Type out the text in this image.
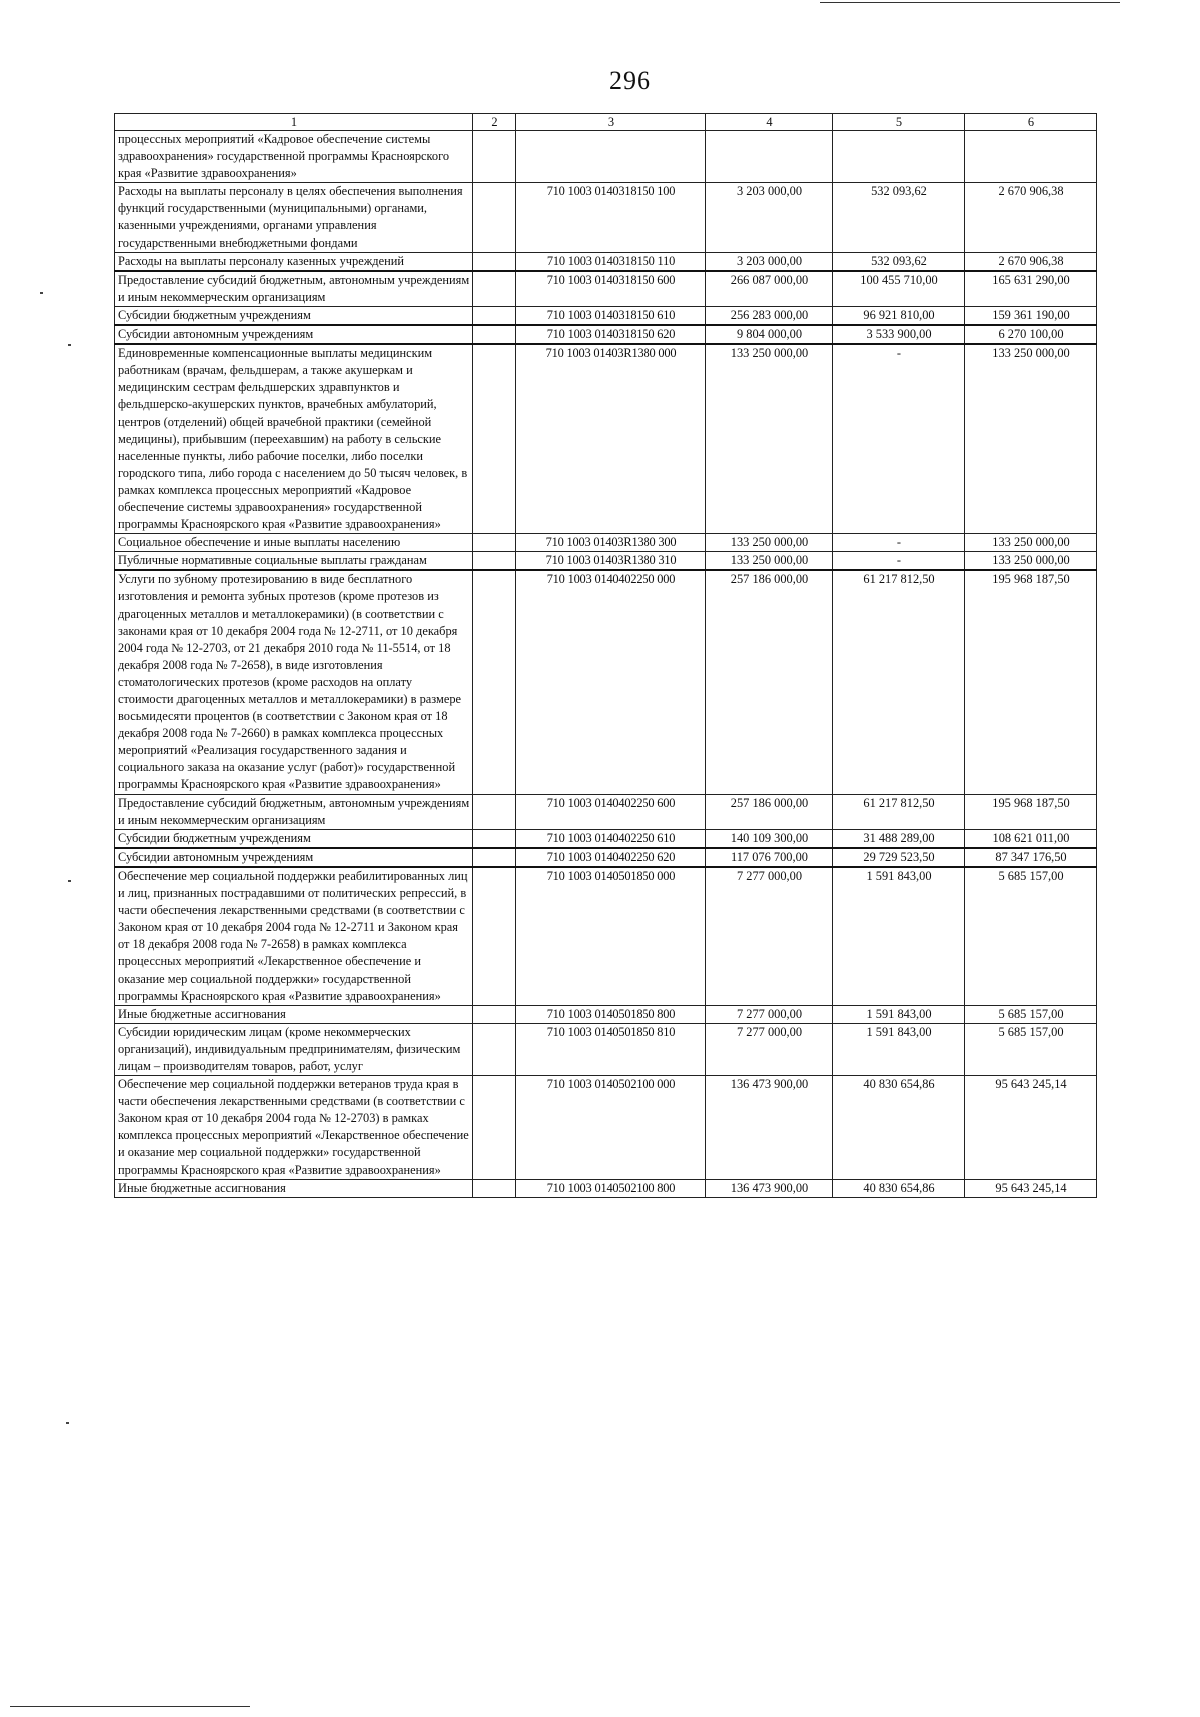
296
1	2	3	4	5	6
процессных мероприятий «Кадровое обеспечение системы здравоохранения» государственной программы Красноярского края «Развитие здравоохранения»					
Расходы на выплаты персоналу в целях обеспечения выполнения функций государственными (муниципальными) органами, казенными учреждениями, органами управления государственными внебюджетными фондами		710 1003 0140318150 100	3 203 000,00	532 093,62	2 670 906,38
Расходы на выплаты персоналу казенных учреждений		710 1003 0140318150 110	3 203 000,00	532 093,62	2 670 906,38
Предоставление субсидий бюджетным, автономным учреждениям и иным некоммерческим организациям		710 1003 0140318150 600	266 087 000,00	100 455 710,00	165 631 290,00
Субсидии бюджетным учреждениям		710 1003 0140318150 610	256 283 000,00	96 921 810,00	159 361 190,00
Субсидии автономным учреждениям		710 1003 0140318150 620	9 804 000,00	3 533 900,00	6 270 100,00
Единовременные компенсационные выплаты медицинским работникам (врачам, фельдшерам, а также акушеркам и медицинским сестрам фельдшерских здравпунктов и фельдшерско-акушерских пунктов, врачебных амбулаторий, центров (отделений) общей врачебной практики (семейной медицины), прибывшим (переехавшим) на работу в сельские населенные пункты, либо рабочие поселки, либо поселки городского типа, либо города с населением до 50 тысяч человек, в рамках комплекса процессных мероприятий «Кадровое обеспечение системы здравоохранения» государственной программы Красноярского края «Развитие здравоохранения»		710 1003 01403R1380 000	133 250 000,00	-	133 250 000,00
Социальное обеспечение и иные выплаты населению		710 1003 01403R1380 300	133 250 000,00	-	133 250 000,00
Публичные нормативные социальные выплаты гражданам		710 1003 01403R1380 310	133 250 000,00	-	133 250 000,00
Услуги по зубному протезированию в виде бесплатного изготовления и ремонта зубных протезов (кроме протезов из драгоценных металлов и металлокерамики) (в соответствии с законами края от 10 декабря 2004 года № 12-2711, от 10 декабря 2004 года № 12-2703, от 21 декабря 2010 года № 11-5514, от 18 декабря 2008 года № 7-2658), в виде изготовления стоматологических протезов (кроме расходов на оплату стоимости драгоценных металлов и металлокерамики) в размере восьмидесяти процентов (в соответствии с Законом края от 18 декабря 2008 года № 7-2660) в рамках комплекса процессных мероприятий «Реализация государственного задания и социального заказа на оказание услуг (работ)» государственной программы Красноярского края «Развитие здравоохранения»		710 1003 0140402250 000	257 186 000,00	61 217 812,50	195 968 187,50
Предоставление субсидий бюджетным, автономным учреждениям и иным некоммерческим организациям		710 1003 0140402250 600	257 186 000,00	61 217 812,50	195 968 187,50
Субсидии бюджетным учреждениям		710 1003 0140402250 610	140 109 300,00	31 488 289,00	108 621 011,00
Субсидии автономным учреждениям		710 1003 0140402250 620	117 076 700,00	29 729 523,50	87 347 176,50
Обеспечение мер социальной поддержки реабилитированных лиц и лиц, признанных пострадавшими от политических репрессий, в части обеспечения лекарственными средствами (в соответствии с Законом края от 10 декабря 2004 года № 12-2711 и Законом края от 18 декабря 2008 года № 7-2658) в рамках комплекса процессных мероприятий «Лекарственное обеспечение и оказание мер социальной поддержки» государственной программы Красноярского края «Развитие здравоохранения»		710 1003 0140501850 000	7 277 000,00	1 591 843,00	5 685 157,00
Иные бюджетные ассигнования		710 1003 0140501850 800	7 277 000,00	1 591 843,00	5 685 157,00
Субсидии юридическим лицам (кроме некоммерческих организаций), индивидуальным предпринимателям, физическим лицам – производителям товаров, работ, услуг		710 1003 0140501850 810	7 277 000,00	1 591 843,00	5 685 157,00
Обеспечение мер социальной поддержки ветеранов труда края в части обеспечения лекарственными средствами (в соответствии с Законом края от 10 декабря 2004 года № 12-2703) в рамках комплекса процессных мероприятий «Лекарственное обеспечение и оказание мер социальной поддержки» государственной программы Красноярского края «Развитие здравоохранения»		710 1003 0140502100 000	136 473 900,00	40 830 654,86	95 643 245,14
Иные бюджетные ассигнования		710 1003 0140502100 800	136 473 900,00	40 830 654,86	95 643 245,14
